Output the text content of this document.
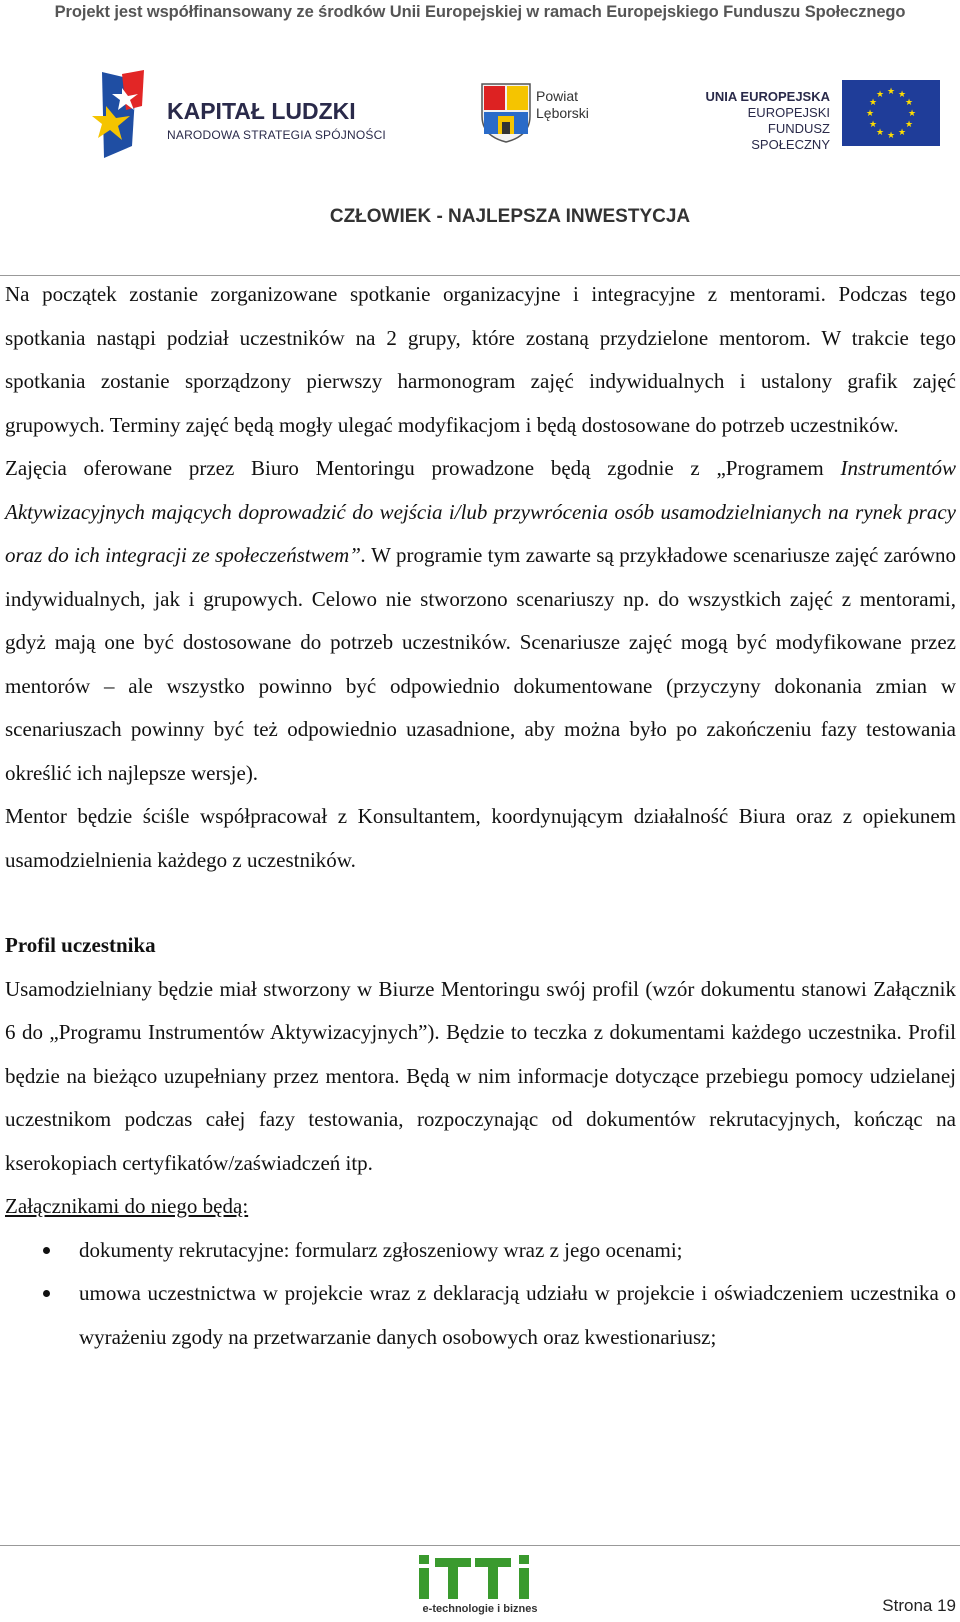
Projekt jest współfinansowany ze środków Unii Europejskiej w ramach Europejskiego Funduszu Społecznego
KAPITAŁ LUDZKI
NARODOWA STRATEGIA SPÓJNOŚCI
Powiat
Lęborski
UNIA EUROPEJSKA
EUROPEJSKI
FUNDUSZ SPOŁECZNY
★ ★
★
★
★
★
★
★
★
★
★
★
CZŁOWIEK - NAJLEPSZA INWESTYCJA

Na początek zostanie zorganizowane spotkanie organizacyjne i integracyjne z mentorami. Podczas tego spotkania nastąpi podział uczestników na 2 grupy, które zostaną przydzielone mentorom. W trakcie tego spotkania zostanie sporządzony pierwszy harmonogram zajęć indywidualnych i ustalony grafik zajęć grupowych. Terminy zajęć będą mogły ulegać modyfikacjom i będą dostosowane do potrzeb uczestników.

Zajęcia oferowane przez Biuro Mentoringu prowadzone będą zgodnie z „Programem Instrumentów Aktywizacyjnych mających doprowadzić do wejścia i/lub przywrócenia osób usamodzielnianych na rynek pracy oraz do ich integracji ze społeczeństwem”. W programie tym zawarte są przykładowe scenariusze zajęć zarówno indywidualnych, jak i grupowych. Celowo nie stworzono scenariuszy np. do wszystkich zajęć z mentorami, gdyż mają one być dostosowane do potrzeb uczestników. Scenariusze zajęć mogą być modyfikowane przez mentorów – ale wszystko powinno być odpowiednio dokumentowane (przyczyny dokonania zmian w scenariuszach powinny być też odpowiednio uzasadnione, aby można było po zakończeniu fazy testowania określić ich najlepsze wersje).

Mentor będzie ściśle współpracował z Konsultantem, koordynującym działalność Biura oraz z opiekunem usamodzielnienia każdego z uczestników.

Profil uczestnika

Usamodzielniany będzie miał stworzony w Biurze Mentoringu swój profil (wzór dokumentu stanowi Załącznik 6 do „Programu Instrumentów Aktywizacyjnych”). Będzie to teczka z dokumentami każdego uczestnika. Profil będzie na bieżąco uzupełniany przez mentora. Będą w nim informacje dotyczące przebiegu pomocy udzielanej uczestnikom podczas całej fazy testowania, rozpoczynając od dokumentów rekrutacyjnych, kończąc na kserokopiach certyfikatów/zaświadczeń itp.

Załącznikami do niego będą:

dokumenty rekrutacyjne: formularz zgłoszeniowy wraz z jego ocenami;
umowa uczestnictwa w projekcie wraz z deklaracją udziału w projekcie i oświadczeniem uczestnika o wyrażeniu zgody na przetwarzanie danych osobowych oraz kwestionariusz;
e-technologie i biznes	Strona 19
